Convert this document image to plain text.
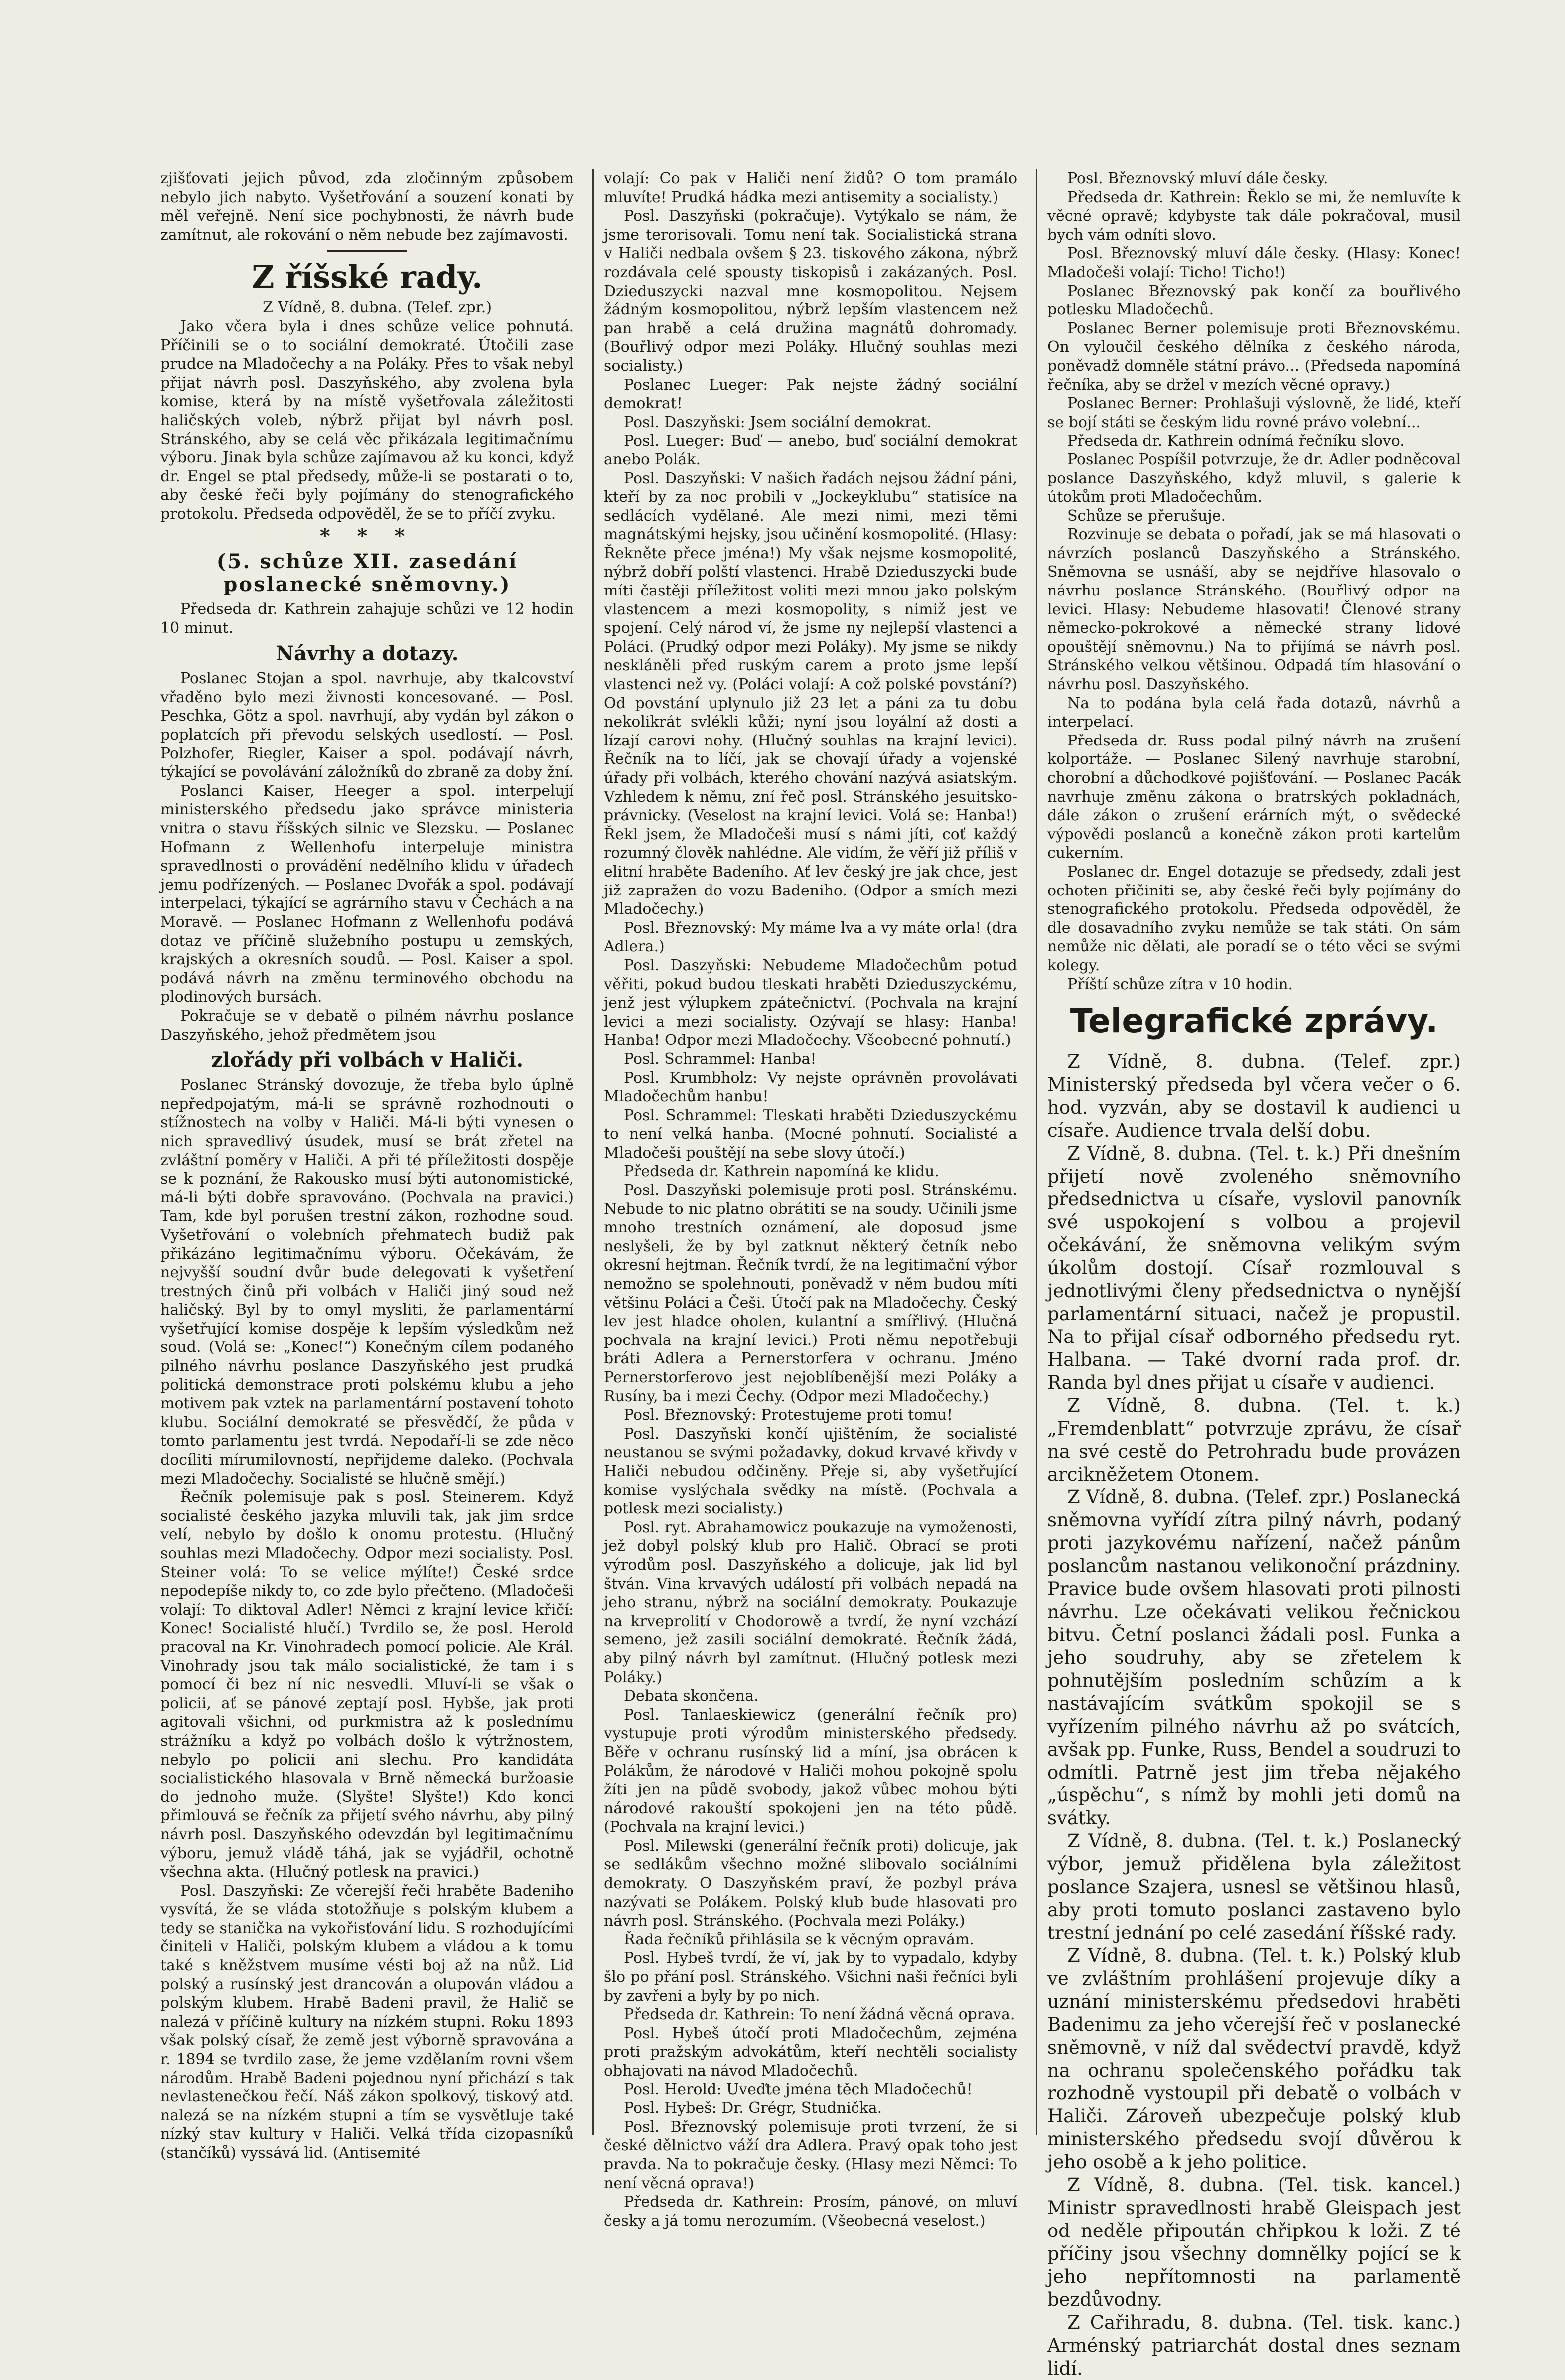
zjišťovati jejich původ, zda zločinným způsobem nebylo jich nabyto. Vyšetřování a souzení konati by měl veřejně. Není sice pochybnosti, že návrh bude zamítnut, ale rokování o něm nebude bez zajímavosti.

Z říšské rady.

Z Vídně, 8. dubna. (Telef. zpr.)

Jako včera byla i dnes schůze velice pohnutá. Příčinili se o to sociální demokraté. Útočili zase prudce na Mladočechy a na Poláky. Přes to však nebyl přijat návrh posl. Daszyňského, aby zvolena byla komise, která by na místě vyšetřovala záležitosti haličských voleb, nýbrž přijat byl návrh posl. Stránského, aby se celá věc přikázala legitimačnímu výboru. Jinak byla schůze zajímavou až ku konci, když dr. Engel se ptal předsedy, může-li se postarati o to, aby české řeči byly pojímány do stenografického protokolu. Předseda odpověděl, že se to příčí zvyku.

* * *
(5. schůze XII. zasedání poslanecké sněmovny.)

Předseda dr. Kathrein zahajuje schůzi ve 12 hodin 10 minut.

Návrhy a dotazy.

Poslanec Stojan a spol. navrhuje, aby tkalcovství vřaděno bylo mezi živnosti koncesované. — Posl. Peschka, Götz a spol. navrhují, aby vydán byl zákon o poplatcích při převodu selských usedlostí. — Posl. Polzhofer, Riegler, Kaiser a spol. podávají návrh, týkající se povolávání záložníků do zbraně za doby žní.

Poslanci Kaiser, Heeger a spol. interpelují ministerského předsedu jako správce ministeria vnitra o stavu říšských silnic ve Slezsku. — Poslanec Hofmann z Wellenhofu interpeluje ministra spravedlnosti o provádění nedělního klidu v úřadech jemu podřízených. — Poslanec Dvořák a spol. podávají interpelaci, týkající se agrárního stavu v Čechách a na Moravě. — Poslanec Hofmann z Wellenhofu podává dotaz ve příčině služebního postupu u zemských, krajských a okresních soudů. — Posl. Kaiser a spol. podává návrh na změnu terminového obchodu na plodinových bursách.

Pokračuje se v debatě o pilném návrhu poslance Daszyňského, jehož předmětem jsou

zlořády při volbách v Haliči.

Poslanec Stránský dovozuje, že třeba bylo úplně nepředpojatým, má-li se správně rozhodnouti o stížnostech na volby v Haliči. Má-li býti vynesen o nich spravedlivý úsudek, musí se brát zřetel na zvláštní poměry v Haliči. A při té příležitosti dospěje se k poznání, že Rakousko musí býti autonomistické, má-li býti dobře spravováno. (Pochvala na pravici.) Tam, kde byl porušen trestní zákon, rozhodne soud. Vyšetřování o volebních přehmatech budiž pak přikázáno legitimačnímu výboru. Očekávám, že nejvyšší soudní dvůr bude delegovati k vyšetření trestných činů při volbách v Haliči jiný soud než haličský. Byl by to omyl mysliti, že parlamentární vyšetřující komise dospěje k lepším výsledkům než soud. (Volá se: „Konec!“) Konečným cílem podaného pilného návrhu poslance Daszyňského jest prudká politická demonstrace proti polskému klubu a jeho motivem pak vztek na parlamentární postavení tohoto klubu. Sociální demokraté se přesvědčí, že půda v tomto parlamentu jest tvrdá. Nepodaří-li se zde něco docíliti mírumilovností, nepřijdeme daleko. (Pochvala mezi Mladočechy. Socialisté se hlučně smějí.)

Řečník polemisuje pak s posl. Steinerem. Když socialisté českého jazyka mluvili tak, jak jim srdce velí, nebylo by došlo k onomu protestu. (Hlučný souhlas mezi Mladočechy. Odpor mezi socialisty. Posl. Steiner volá: To se velice mýlíte!) České srdce nepodepíše nikdy to, co zde bylo přečteno. (Mladočeši volají: To diktoval Adler! Němci z krajní levice křičí: Konec! Socialisté hlučí.) Tvrdilo se, že posl. Herold pracoval na Kr. Vinohradech pomocí policie. Ale Král. Vinohrady jsou tak málo socialistické, že tam i s pomocí či bez ní nic nesvedli. Mluví-li se však o policii, ať se pánové zeptají posl. Hybše, jak proti agitovali všichni, od purkmistra až k poslednímu strážníku a když po volbách došlo k výtržnostem, nebylo po policii ani slechu. Pro kandidáta socialistického hlasovala v Brně německá buržoasie do jednoho muže. (Slyšte! Slyšte!) Kdo konci přimlouvá se řečník za přijetí svého návrhu, aby pilný návrh posl. Daszyňského odevzdán byl legitimačnímu výboru, jemuž vládě táhá, jak se vyjádřil, ochotně všechna akta. (Hlučný potlesk na pravici.)

Posl. Daszyňski: Ze včerejší řeči hraběte Badeniho vysvítá, že se vláda stotožňuje s polským klubem a tedy se stanička na vykořisťování lidu. S rozhodujícími činiteli v Haliči, polským klubem a vládou a k tomu také s kněžstvem musíme vésti boj až na nůž. Lid polský a rusínský jest drancován a olupován vládou a polským klubem. Hrabě Badeni pravil, že Halič se nalezá v příčině kultury na nízkém stupni. Roku 1893 však polský císař, že země jest výborně spravována a r. 1894 se tvrdilo zase, že jeme vzdělaním rovni všem národům. Hrabě Badeni pojednou nyní přichází s tak nevlastenečkou řečí. Náš zákon spolkový, tiskový atd. nalezá se na nízkém stupni a tím se vysvětluje také nízký stav kultury v Haliči. Velká třída cizopasníků (stančíků) vyssává lid. (Antisemité

volají: Co pak v Haliči není židů? O tom pramálo mluvíte! Prudká hádka mezi antisemity a socialisty.)

Posl. Daszyňski (pokračuje). Vytýkalo se nám, že jsme terorisovali. Tomu není tak. Socialistická strana v Haliči nedbala ovšem § 23. tiskového zákona, nýbrž rozdávala celé spousty tiskopisů i zakázaných. Posl. Dzieduszycki nazval mne kosmopolitou. Nejsem žádným kosmopolitou, nýbrž lepším vlastencem než pan hrabě a celá družina magnátů dohromady. (Bouřlivý odpor mezi Poláky. Hlučný souhlas mezi socialisty.)

Poslanec Lueger: Pak nejste žádný sociální demokrat!

Posl. Daszyňski: Jsem sociální demokrat.

Posl. Lueger: Buď — anebo, buď sociální demokrat anebo Polák.

Posl. Daszyňski: V našich řadách nejsou žádní páni, kteří by za noc probili v „Jockeyklubu“ statisíce na sedlácích vydělané. Ale mezi nimi, mezi těmi magnátskými hejsky, jsou učinění kosmopolité. (Hlasy: Řekněte přece jména!) My však nejsme kosmopolité, nýbrž dobří polští vlastenci. Hrabě Dzieduszycki bude míti častěji příležitost voliti mezi mnou jako polským vlastencem a mezi kosmopolity, s nimiž jest ve spojení. Celý národ ví, že jsme ny nejlepší vlastenci a Poláci. (Prudký odpor mezi Poláky). My jsme se nikdy neskláněli před ruským carem a proto jsme lepší vlastenci než vy. (Poláci volají: A což polské povstání?) Od povstání uplynulo již 23 let a páni za tu dobu nekolikrát svlékli kůži; nyní jsou loyální až dosti a lízají carovi nohy. (Hlučný souhlas na krajní levici). Řečník na to líčí, jak se chovají úřady a vojenské úřady při volbách, kterého chování nazývá asiatským. Vzhledem k němu, zní řeč posl. Stránského jesuitsko-právnicky. (Veselost na krajní levici. Volá se: Hanba!) Řekl jsem, že Mladočeši musí s námi jíti, coť každý rozumný člověk nahlédne. Ale vidím, že věří již příliš v elitní hraběte Badeního. Ať lev český jre jak chce, jest již zapražen do vozu Badeniho. (Odpor a smích mezi Mladočechy.)

Posl. Březnovský: My máme lva a vy máte orla! (dra Adlera.)

Posl. Daszyňski: Nebudeme Mladočechům potud věřiti, pokud budou tleskati hraběti Dzieduszyckému, jenž jest výlupkem zpátečnictví. (Pochvala na krajní levici a mezi socialisty. Ozývají se hlasy: Hanba! Hanba! Odpor mezi Mladočechy. Všeobecné pohnutí.)

Posl. Schrammel: Hanba!

Posl. Krumbholz: Vy nejste oprávněn provolávati Mladočechům hanbu!

Posl. Schrammel: Tleskati hraběti Dzieduszyckému to není velká hanba. (Mocné pohnutí. Socialisté a Mladočeši pouštějí na sebe slovy útočí.)

Předseda dr. Kathrein napomíná ke klidu.

Posl. Daszyňski polemisuje proti posl. Stránskému. Nebude to nic platno obrátiti se na soudy. Učinili jsme mnoho trestních oznámení, ale doposud jsme neslyšeli, že by byl zatknut některý četník nebo okresní hejtman. Řečník tvrdí, že na legitimační výbor nemožno se spolehnouti, poněvadž v něm budou míti většinu Poláci a Češi. Útočí pak na Mladočechy. Český lev jest hladce oholen, kulantní a smířlivý. (Hlučná pochvala na krajní levici.) Proti němu nepotřebuji bráti Adlera a Pernerstorfera v ochranu. Jméno Pernerstorferovo jest nejoblíbenější mezi Poláky a Rusíny, ba i mezi Čechy. (Odpor mezi Mladočechy.)

Posl. Březnovský: Protestujeme proti tomu!

Posl. Daszyňski končí ujištěním, že socialisté neustanou se svými požadavky, dokud krvavé křivdy v Haliči nebudou odčiněny. Přeje si, aby vyšetřující komise vyslýchala svědky na místě. (Pochvala a potlesk mezi socialisty.)

Posl. ryt. Abrahamowicz poukazuje na vymoženosti, jež dobyl polský klub pro Halič. Obrací se proti výrodům posl. Daszyňského a dolicuje, jak lid byl štván. Vina krvavých událostí při volbách nepadá na jeho stranu, nýbrž na sociální demokraty. Poukazuje na krveprolití v Chodorowě a tvrdí, že nyní vzchází semeno, jež zasili sociální demokraté. Řečník žádá, aby pilný návrh byl zamítnut. (Hlučný potlesk mezi Poláky.)

Debata skončena.

Posl. Tanlaeskiewicz (generální řečník pro) vystupuje proti výrodům ministerského předsedy. Běře v ochranu rusínský lid a míní, jsa obrácen k Polákům, že národové v Haliči mohou pokojně spolu žíti jen na půdě svobody, jakož vůbec mohou býti národové rakouští spokojeni jen na této půdě. (Pochvala na krajní levici.)

Posl. Milewski (generální řečník proti) dolicuje, jak se sedlákům všechno možné slibovalo sociálními demokraty. O Daszyňském praví, že pozbyl práva nazývati se Polákem. Polský klub bude hlasovati pro návrh posl. Stránského. (Pochvala mezi Poláky.)

Řada řečníků přihlásila se k věcným opravám.

Posl. Hybeš tvrdí, že ví, jak by to vypadalo, kdyby šlo po přání posl. Stránského. Všichni naši řečníci byli by zavřeni a byly by po nich.

Předseda dr. Kathrein: To není žádná věcná oprava.

Posl. Hybeš útočí proti Mladočechům, zejména proti pražským advokátům, kteří nechtěli socialisty obhajovati na návod Mladočechů.

Posl. Herold: Uveďte jména těch Mladočechů!

Posl. Hybeš: Dr. Grégr, Studnička.

Posl. Březnovský polemisuje proti tvrzení, že si české dělnictvo váží dra Adlera. Pravý opak toho jest pravda. Na to pokračuje česky. (Hlasy mezi Němci: To není věcná oprava!)

Předseda dr. Kathrein: Prosím, pánové, on mluví česky a já tomu nerozumím. (Všeobecná veselost.)

Posl. Březnovský mluví dále česky.

Předseda dr. Kathrein: Řeklo se mi, že nemluvíte k věcné opravě; kdybyste tak dále pokračoval, musil bych vám odníti slovo.

Posl. Březnovský mluví dále česky. (Hlasy: Konec! Mladočeši volají: Ticho! Ticho!)

Poslanec Březnovský pak končí za bouřlivého potlesku Mladočechů.

Poslanec Berner polemisuje proti Březnovskému. On vyloučil českého dělníka z českého národa, poněvadž domněle státní právo... (Předseda napomíná řečníka, aby se držel v mezích věcné opravy.)

Poslanec Berner: Prohlašuji výslovně, že lidé, kteří se bojí státi se českým lidu rovné právo volební...

Předseda dr. Kathrein odnímá řečníku slovo.

Poslanec Pospíšil potvrzuje, že dr. Adler podněcoval poslance Daszyňského, když mluvil, s galerie k útokům proti Mladočechům.

Schůze se přerušuje.

Rozvinuje se debata o pořadí, jak se má hlasovati o návrzích poslanců Daszyňského a Stránského. Sněmovna se usnáší, aby se nejdříve hlasovalo o návrhu poslance Stránského. (Bouřlivý odpor na levici. Hlasy: Nebudeme hlasovati! Členové strany německo-pokrokové a německé strany lidové opouštějí sněmovnu.) Na to přijímá se návrh posl. Stránského velkou většinou. Odpadá tím hlasování o návrhu posl. Daszyňského.

Na to podána byla celá řada dotazů, návrhů a interpelací.

Předseda dr. Russ podal pilný návrh na zrušení kolportáže. — Poslanec Silený navrhuje starobní, chorobní a důchodkové pojišťování. — Poslanec Pacák navrhuje změnu zákona o bratrských pokladnách, dále zákon o zrušení erárních mýt, o svědecké výpovědi poslanců a konečně zákon proti kartelům cukerním.

Poslanec dr. Engel dotazuje se předsedy, zdali jest ochoten přičiniti se, aby české řeči byly pojímány do stenografického protokolu. Předseda odpověděl, že dle dosavadního zvyku nemůže se tak státi. On sám nemůže nic dělati, ale poradí se o této věci se svými kolegy.

Příští schůze zítra v 10 hodin.

Telegrafické zprávy.

Z Vídně, 8. dubna. (Telef. zpr.) Ministerský předseda byl včera večer o 6. hod. vyzván, aby se dostavil k audienci u císaře. Audience trvala delší dobu.

Z Vídně, 8. dubna. (Tel. t. k.) Při dnešním přijetí nově zvoleného sněmovního předsednictva u císaře, vyslovil panovník své uspokojení s volbou a projevil očekávání, že sněmovna velikým svým úkolům dostojí. Císař rozmlouval s jednotlivými členy předsednictva o nynější parlamentární situaci, načež je propustil. Na to přijal císař odborného předsedu ryt. Halbana. — Také dvorní rada prof. dr. Randa byl dnes přijat u císaře v audienci.

Z Vídně, 8. dubna. (Tel. t. k.) „Fremdenblatt“ potvrzuje zprávu, že císař na své cestě do Petrohradu bude provázen arcikněžetem Otonem.

Z Vídně, 8. dubna. (Telef. zpr.) Poslanecká sněmovna vyřídí zítra pilný návrh, podaný proti jazykovému nařízení, načež pánům poslancům nastanou velikonoční prázdniny. Pravice bude ovšem hlasovati proti pilnosti návrhu. Lze očekávati velikou řečnickou bitvu. Četní poslanci žádali posl. Funka a jeho soudruhy, aby se zřetelem k pohnutějším posledním schůzím a k nastávajícím svátkům spokojil se s vyřízením pilného návrhu až po svátcích, avšak pp. Funke, Russ, Bendel a soudruzi to odmítli. Patrně jest jim třeba nějakého „úspěchu“, s nímž by mohli jeti domů na svátky.

Z Vídně, 8. dubna. (Tel. t. k.) Poslanecký výbor, jemuž přidělena byla záležitost poslance Szajera, usnesl se většinou hlasů, aby proti tomuto poslanci zastaveno bylo trestní jednání po celé zasedání říšské rady.

Z Vídně, 8. dubna. (Tel. t. k.) Polský klub ve zvláštním prohlášení projevuje díky a uznání ministerskému předsedovi hraběti Badenimu za jeho včerejší řeč v poslanecké sněmovně, v níž dal svědectví pravdě, když na ochranu společenského pořádku tak rozhodně vystoupil při debatě o volbách v Haliči. Zároveň ubezpečuje polský klub ministerského předsedu svojí důvěrou k jeho osobě a k jeho politice.

Z Vídně, 8. dubna. (Tel. tisk. kancel.) Ministr spravedlnosti hrabě Gleispach jest od neděle připoután chřipkou k loži. Z té příčiny jsou všechny domnělky pojící se k jeho nepřítomnosti na parlamentě bezdůvodny.

Z Cařihradu, 8. dubna. (Tel. tisk. kanc.) Arménský patriarchát dostal dnes seznam lidí.
